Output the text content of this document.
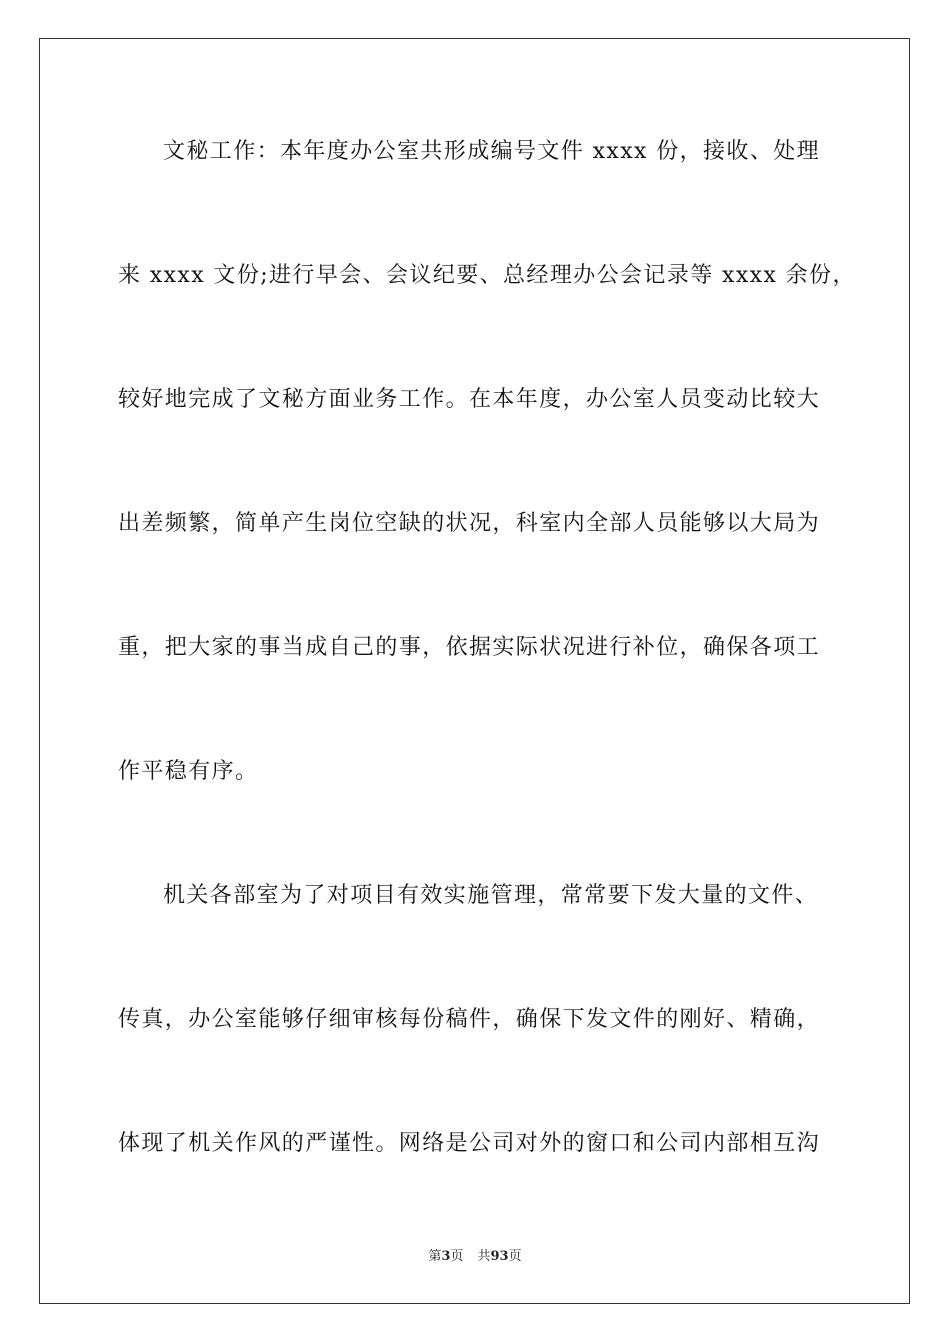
文秘工作：本年度办公室共形成编号文件 xxxx 份，接收、处理
来 xxxx 文份;进行早会、会议纪要、总经理办公会记录等 xxxx 余份，
较好地完成了文秘方面业务工作。在本年度，办公室人员变动比较大
出差频繁，简单产生岗位空缺的状况，科室内全部人员能够以大局为
重，把大家的事当成自己的事，依据实际状况进行补位，确保各项工
作平稳有序。
机关各部室为了对项目有效实施管理，常常要下发大量的文件、
传真，办公室能够仔细审核每份稿件，确保下发文件的刚好、精确，
体现了机关作风的严谨性。网络是公司对外的窗口和公司内部相互沟
第3页 共93页
